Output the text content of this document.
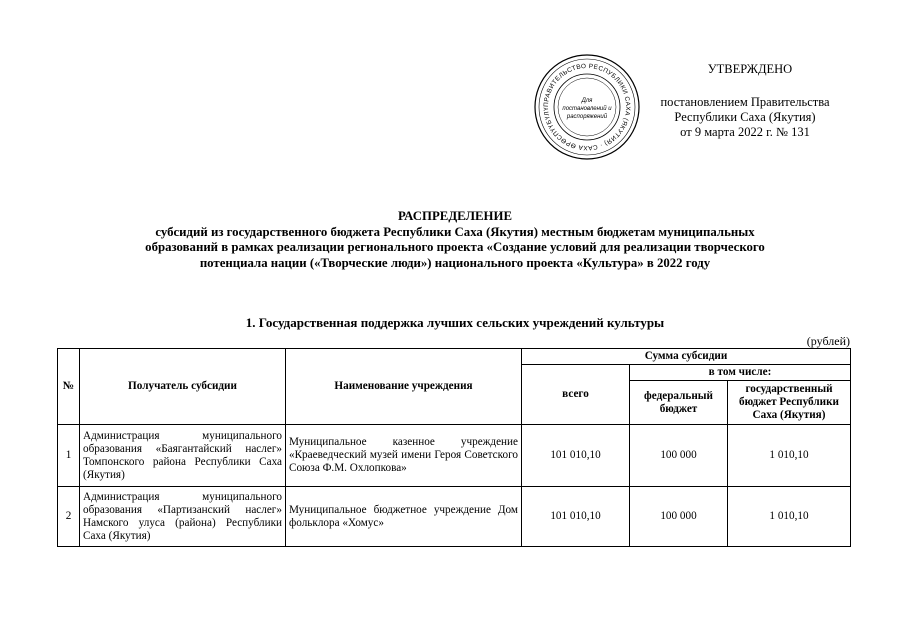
ПРАВИТЕЛЬСТВО РЕСПУБЛИКИ САХА (ЯКУТИЯ) · САХА ӨРӨСПҮҮБҮЛҮ
Для
постановлений и
распоряжений
УТВЕРЖДЕНО
постановлением Правительства
Республики Саха (Якутия)
от 9 марта 2022 г. № 131
РАСПРЕДЕЛЕНИЕ
субсидий из государственного бюджета Республики Саха (Якутия) местным бюджетам муниципальных
образований в рамках реализации регионального проекта «Создание условий для реализации творческого
потенциала нации («Творческие люди») национального проекта «Культура» в 2022 году
1. Государственная поддержка лучших сельских учреждений культуры
(рублей)
№	Получатель субсидии	Наименование учреждения	Сумма субсидии		
			всего	в том числе:	
				федеральный бюджет	государственный бюджет Республики Саха (Якутия)
1	Администрация муниципального образования «Баягантайский наслег» Томпонского района Республики Саха (Якутия)	Муниципальное казенное учреждение «Краеведческий музей имени Героя Советского Союза Ф.М. Охлопкова»	101 010,10	100 000	1 010,10
2	Администрация муниципального образования «Партизанский наслег» Намского улуса (района) Республики Саха (Якутия)	Муниципальное бюджетное учреждение Дом фольклора «Хомус»	101 010,10	100 000	1 010,10
